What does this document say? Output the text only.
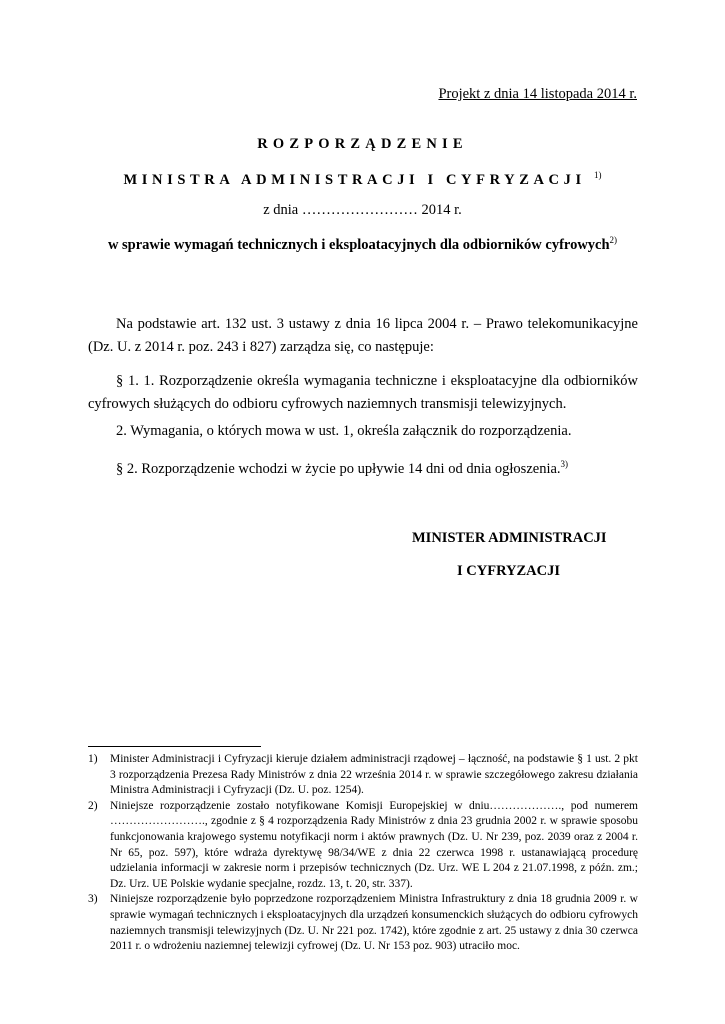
Projekt z dnia 14 listopada 2014 r.
ROZPORZĄDZENIE
MINISTRA ADMINISTRACJI I CYFRYZACJI $^{1)}$
z dnia …………………… 2014 r.
w sprawie wymagań technicznych i eksploatacyjnych dla odbiorników cyfrowych$^{2)}$

Na podstawie art. 132 ust. 3 ustawy z dnia 16 lipca 2004 r. – Prawo telekomunikacyjne (Dz. U. z 2014 r. poz. 243 i 827) zarządza się, co następuje:

§ 1. 1. Rozporządzenie określa wymagania techniczne i eksploatacyjne dla odbiorników cyfrowych służących do odbioru cyfrowych naziemnych transmisji telewizyjnych.

2. Wymagania, o których mowa w ust. 1, określa załącznik do rozporządzenia.

§ 2. Rozporządzenie wchodzi w życie po upływie 14 dni od dnia ogłoszenia.$^{3)}$

MINISTER ADMINISTRACJI
I CYFRYZACJI

1)	Minister Administracji i Cyfryzacji kieruje działem administracji rządowej – łączność, na podstawie § 1 ust. 2 pkt 3 rozporządzenia Prezesa Rady Ministrów z dnia 22 września 2014 r. w sprawie szczegółowego zakresu działania Ministra Administracji i Cyfryzacji (Dz. U. poz. 1254).

2)	Niniejsze rozporządzenie zostało notyfikowane Komisji Europejskiej w dniu………………., pod numerem ……………………., zgodnie z § 4 rozporządzenia Rady Ministrów z dnia 23 grudnia 2002 r. w sprawie sposobu funkcjonowania krajowego systemu notyfikacji norm i aktów prawnych (Dz. U. Nr 239, poz. 2039 oraz z 2004 r. Nr 65, poz. 597), które wdraża dyrektywę 98/34/WE z dnia 22 czerwca 1998 r. ustanawiającą procedurę udzielania informacji w zakresie norm i przepisów technicznych (Dz. Urz. WE L 204 z 21.07.1998, z późn. zm.; Dz. Urz. UE Polskie wydanie specjalne, rozdz. 13, t. 20, str. 337).

3)	Niniejsze rozporządzenie było poprzedzone rozporządzeniem Ministra Infrastruktury z dnia 18 grudnia 2009 r. w sprawie wymagań technicznych i eksploatacyjnych dla urządzeń konsumenckich służących do odbioru cyfrowych naziemnych transmisji telewizyjnych (Dz. U. Nr 221 poz. 1742), które zgodnie z art. 25 ustawy z dnia 30 czerwca 2011 r. o wdrożeniu naziemnej telewizji cyfrowej (Dz. U. Nr 153 poz. 903) utraciło moc.
